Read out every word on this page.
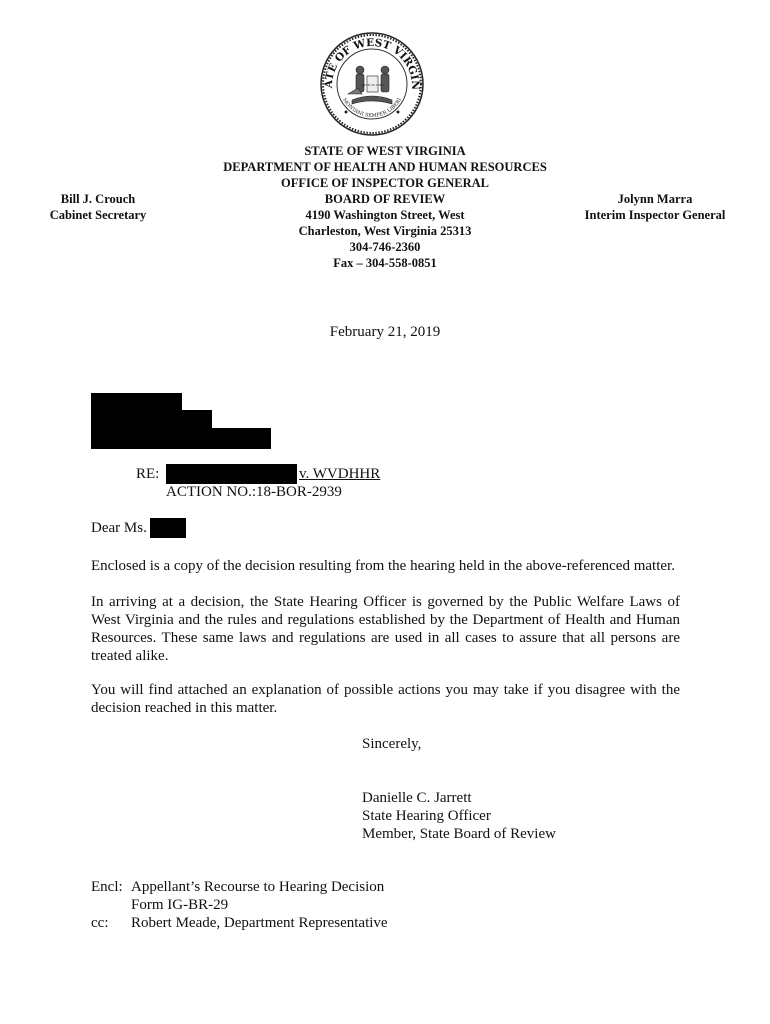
ATE OF WEST VIRGIN
MONTANI SEMPER LIBERI
JUNE 20 1863
STATE OF WEST VIRGINIA
DEPARTMENT OF HEALTH AND HUMAN RESOURCES
OFFICE OF INSPECTOR GENERAL
BOARD OF REVIEW
4190 Washington Street, West
Charleston, West Virginia 25313
304-746-2360
Fax – 304-558-0851
Bill J. Crouch
Cabinet Secretary
Jolynn Marra
Interim Inspector General
February 21, 2019
RE:	v. WVDHHR
ACTION NO.:18-BOR-2939
Dear Ms.
Enclosed is a copy of the decision resulting from the hearing held in the above-referenced matter.
In arriving at a decision, the State Hearing Officer is governed by the Public Welfare Laws of West Virginia and the rules and regulations established by the Department of Health and Human Resources. These same laws and regulations are used in all cases to assure that all persons are treated alike.
You will find attached an explanation of possible actions you may take if you disagree with the decision reached in this matter.
Sincerely,
Danielle C. Jarrett
State Hearing Officer
Member, State Board of Review
Encl: Appellant’s Recourse to Hearing Decision
Form IG-BR-29
cc:	Robert Meade, Department Representative
